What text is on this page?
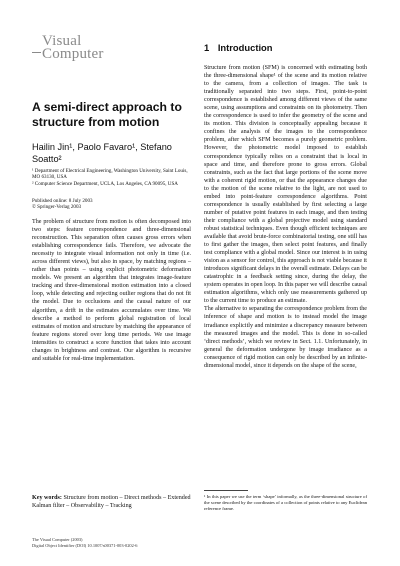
Visual
Computer
A semi-direct approach to structure from motion
Hailin Jin¹, Paolo Favaro¹, Stefano Soatto²
¹ Department of Electrical Engineering, Washington University, Saint Louis, MO 63130, USA
² Computer Science Department, UCLA, Los Angeles, CA 90095, USA
Published online: 8 July 2003
© Springer-Verlag 2003

The problem of structure from motion is often decomposed into two steps: feature correspondence and three-dimensional reconstruction. This separation often causes gross errors when establishing correspondence fails. Therefore, we advocate the necessity to integrate visual information not only in time (i.e. across different views), but also in space, by matching regions – rather than points – using explicit photometric deformation models. We present an algorithm that integrates image-feature tracking and three-dimensional motion estimation into a closed loop, while detecting and rejecting outlier regions that do not fit the model. Due to occlusions and the causal nature of our algorithm, a drift in the estimates accumulates over time. We describe a method to perform global registration of local estimates of motion and structure by matching the appearance of feature regions stored over long time periods. We use image intensities to construct a score function that takes into account changes in brightness and contrast. Our algorithm is recursive and suitable for real-time implementation.

Key words: Structure from motion – Direct methods – Extended Kalman filter – Observability – Tracking

The Visual Computer (2003)
Digital Object Identifier (DOI) 10.1007/s00371-003-0202-6
1 Introduction

Structure from motion (SFM) is concerned with estimating both the three-dimensional shape¹ of the scene and its motion relative to the camera, from a collection of images. The task is traditionally separated into two steps. First, point-to-point correspondence is established among different views of the same scene, using assumptions and constraints on its photometry. Then the correspondence is used to infer the geometry of the scene and its motion. This division is conceptually appealing because it confines the analysis of the images to the correspondence problem, after which SFM becomes a purely geometric problem. However, the photometric model imposed to establish correspondence typically relies on a constraint that is local in space and time, and therefore prone to gross errors. Global constraints, such as the fact that large portions of the scene move with a coherent rigid motion, or that the appearance changes due to the motion of the scene relative to the light, are not used to embed into point-feature correspondence algorithms. Point correspondence is usually established by first selecting a large number of putative point features in each image, and then testing their compliance with a global projective model using standard robust statistical techniques. Even though efficient techniques are available that avoid brute-force combinatorial testing, one still has to first gather the images, then select point features, and finally test compliance with a global model. Since our interest is in using vision as a sensor for control, this approach is not viable because it introduces significant delays in the overall estimate. Delays can be catastrophic in a feedback setting since, during the delay, the system operates in open loop. In this paper we will describe causal estimation algorithms, which only use measurements gathered up to the current time to produce an estimate.

The alternative to separating the correspondence problem from the inference of shape and motion is to instead model the image irradiance explicitly and minimize a discrepancy measure between the measured images and the model. This is done in so-called ‘direct methods’, which we review in Sect. 1.1. Unfortunately, in general the deformation undergone by image irradiance as a consequence of rigid motion can only be described by an infinite-dimensional model, since it depends on the shape of the scene,

¹ In this paper we use the term ‘shape’ informally, as the three-dimensional structure of the scene described by the coordinates of a collection of points relative to any Euclidean reference frame.
